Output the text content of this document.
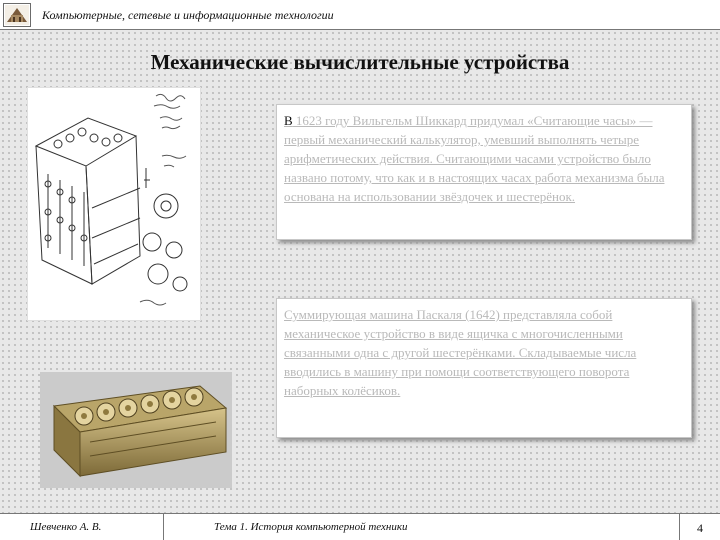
Компьютерные, сетевые и информационные технологии
Механические вычислительные устройства
В 1623 году Вильгельм Шиккард придумал «Считающие часы» — первый механический калькулятор, умевший выполнять четыре арифметических действия. Считающими часами устройство было названо потому, что как и в настоящих часах работа механизма была основана на использовании звёздочек и шестерёнок.
Суммирующая машина Паскаля (1642) представляла собой механическое устройство в виде ящичка с многочисленными связанными одна с другой шестерёнками. Складываемые числа вводились в машину при помощи соответствующего поворота наборных колёсиков.
Шевченко А. В.	Тема 1. История компьютерной техники	4
